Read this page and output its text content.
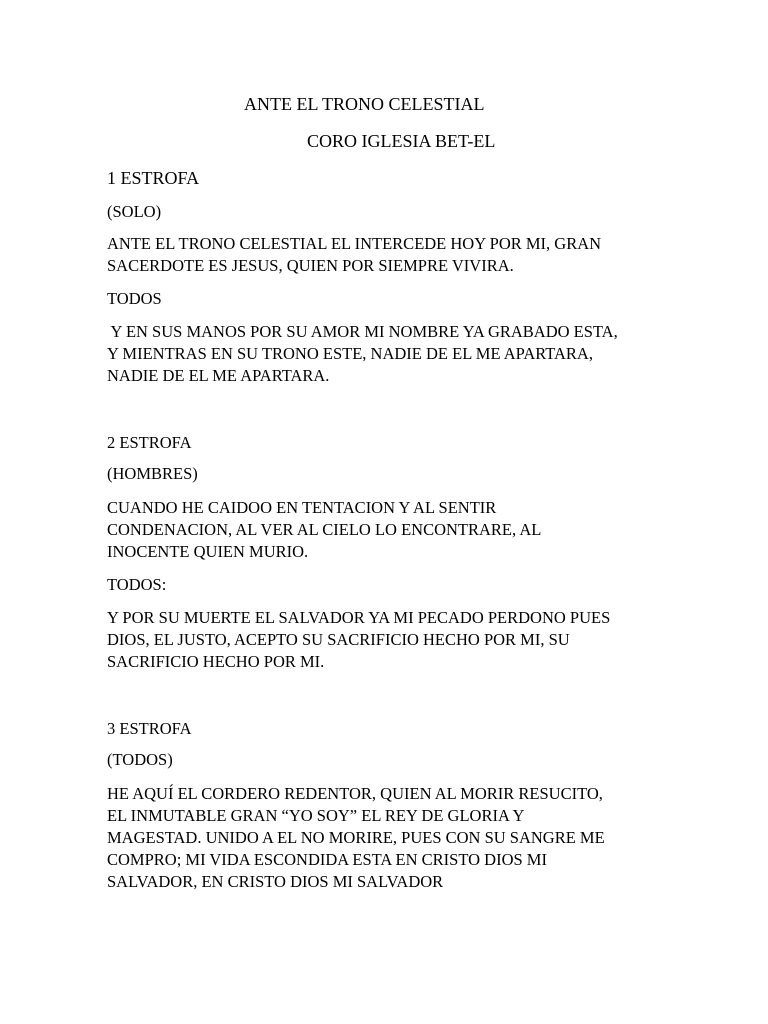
ANTE EL TRONO CELESTIAL

CORO IGLESIA BET-EL

1 ESTROFA

(SOLO)

ANTE EL TRONO CELESTIAL EL INTERCEDE HOY POR MI, GRAN
SACERDOTE ES JESUS, QUIEN POR SIEMPRE VIVIRA.

TODOS

Y EN SUS MANOS POR SU AMOR MI NOMBRE YA GRABADO ESTA,
Y MIENTRAS EN SU TRONO ESTE, NADIE DE EL ME APARTARA,
NADIE DE EL ME APARTARA.

2 ESTROFA

(HOMBRES)

CUANDO HE CAIDOO EN TENTACION Y AL SENTIR
CONDENACION, AL VER AL CIELO LO ENCONTRARE, AL
INOCENTE QUIEN MURIO.

TODOS:

Y POR SU MUERTE EL SALVADOR YA MI PECADO PERDONO PUES
DIOS, EL JUSTO, ACEPTO SU SACRIFICIO HECHO POR MI, SU
SACRIFICIO HECHO POR MI.

3 ESTROFA

(TODOS)

HE AQUÍ EL CORDERO REDENTOR, QUIEN AL MORIR RESUCITO,
EL INMUTABLE GRAN “YO SOY” EL REY DE GLORIA Y
MAGESTAD. UNIDO A EL NO MORIRE, PUES CON SU SANGRE ME
COMPRO; MI VIDA ESCONDIDA ESTA EN CRISTO DIOS MI
SALVADOR, EN CRISTO DIOS MI SALVADOR
